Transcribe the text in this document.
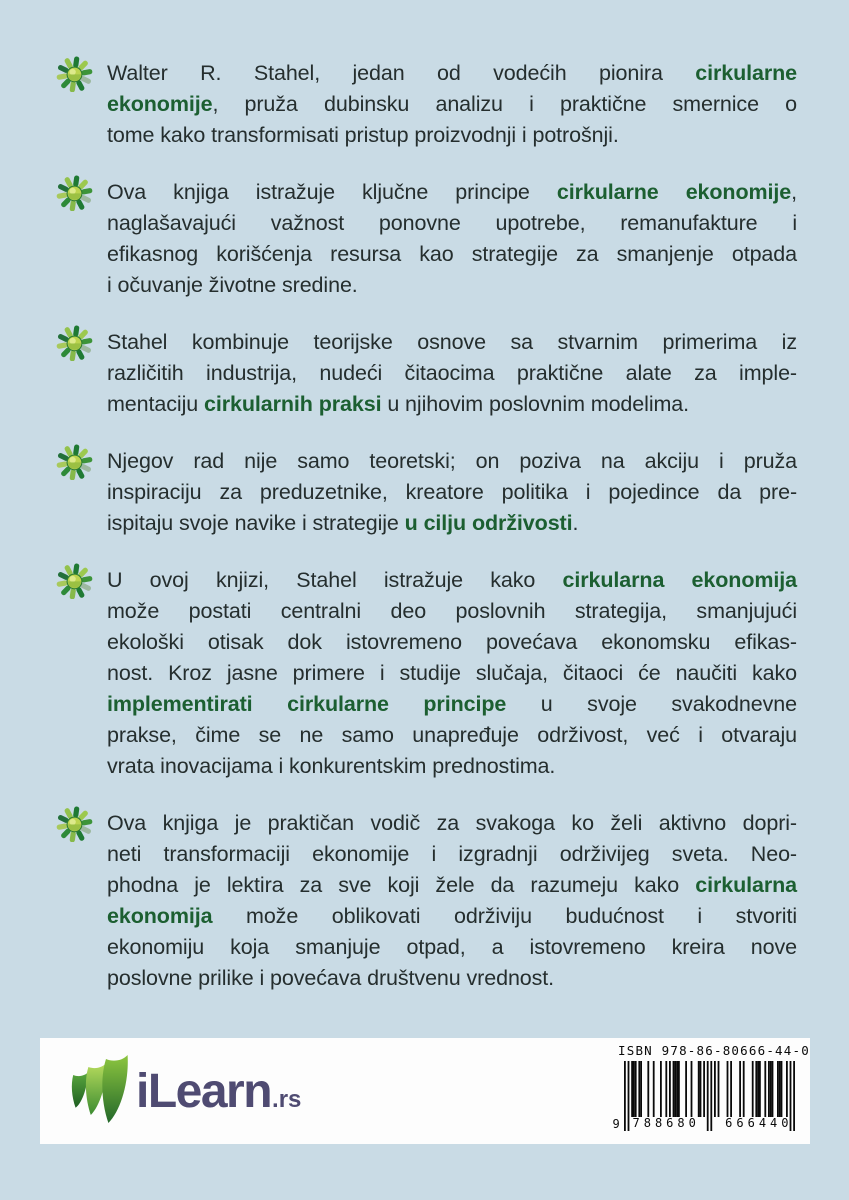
Walter R. Stahel, jedan od vodećih pionira cirkularne
ekonomije, pruža dubinsku analizu i praktične smernice o
tome kako transformisati pristup proizvodnji i potrošnji.
Ova knjiga istražuje ključne principe cirkularne ekonomije,
naglašavajući važnost ponovne upotrebe, remanufakture i
efikasnog korišćenja resursa kao strategije za smanjenje otpada
i očuvanje životne sredine.
Stahel kombinuje teorijske osnove sa stvarnim primerima iz
različitih industrija, nudeći čitaocima praktične alate za imple-
mentaciju cirkularnih praksi u njihovim poslovnim modelima.
Njegov rad nije samo teoretski; on poziva na akciju i pruža
inspiraciju za preduzetnike, kreatore politika i pojedince da pre-
ispitaju svoje navike i strategije u cilju održivosti.
U ovoj knjizi, Stahel istražuje kako cirkularna ekonomija
može postati centralni deo poslovnih strategija, smanjujući
ekološki otisak dok istovremeno povećava ekonomsku efikas-
nost. Kroz jasne primere i studije slučaja, čitaoci će naučiti kako
implementirati cirkularne principe u svoje svakodnevne
prakse, čime se ne samo unapređuje održivost, već i otvaraju
vrata inovacijama i konkurentskim prednostima.
Ova knjiga je praktičan vodič za svakoga ko želi aktivno dopri-
neti transformaciji ekonomije i izgradnji održivijeg sveta. Neo-
phodna je lektira za sve koji žele da razumeju kako cirkularna
ekonomija može oblikovati održiviju budućnost i stvoriti
ekonomiju koja smanjuje otpad, a istovremeno kreira nove
poslovne prilike i povećava društvenu vrednost.
iLearn .rs
ISBN 978-86-80666-44-0
9 788680 666440
